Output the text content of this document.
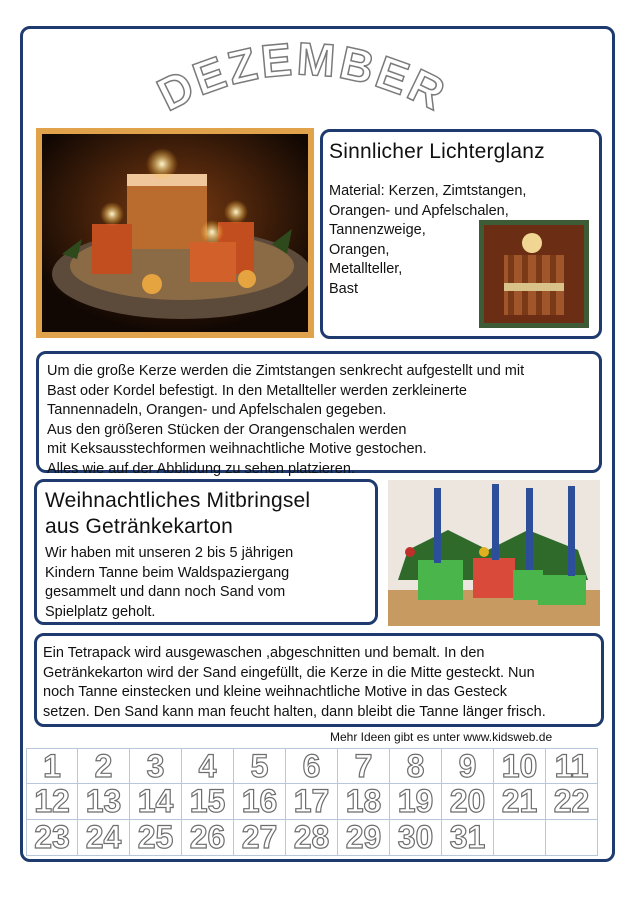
DEZEMBER
Sinnlicher Lichterglanz
Material: Kerzen, Zimtstangen,
Orangen- und Apfelschalen,
Tannenzweige,
Orangen,
Metallteller,
Bast
Um die große Kerze werden die Zimtstangen senkrecht aufgestellt und mit
Bast oder Kordel befestigt. In den Metallteller werden zerkleinerte
Tannennadeln, Orangen- und Apfelschalen gegeben.
Aus den größeren Stücken der Orangenschalen werden
mit Keksausstechformen weihnachtliche Motive gestochen.
Alles wie auf der Abblidung zu sehen platzieren.
Weihnachtliches Mitbringsel
aus Getränkekarton
Wir haben mit unseren 2 bis 5 jährigen
Kindern Tanne beim Waldspaziergang
gesammelt und dann noch Sand vom
Spielplatz geholt.
Ein Tetrapack wird ausgewaschen ,abgeschnitten und bemalt. In den
Getränkekarton wird der Sand eingefüllt, die Kerze in die Mitte gesteckt. Nun
noch Tanne einstecken und kleine weihnachtliche Motive in das Gesteck
setzen. Den Sand kann man feucht halten, dann bleibt die Tanne länger frisch.
Mehr Ideen gibt es unter www.kidsweb.de
1	2	3	4	5	6	7	8	9 10 11
12 13 14 15 16 17 18 19 20 21 22
23 24 25 26 27 28 29 30 31
